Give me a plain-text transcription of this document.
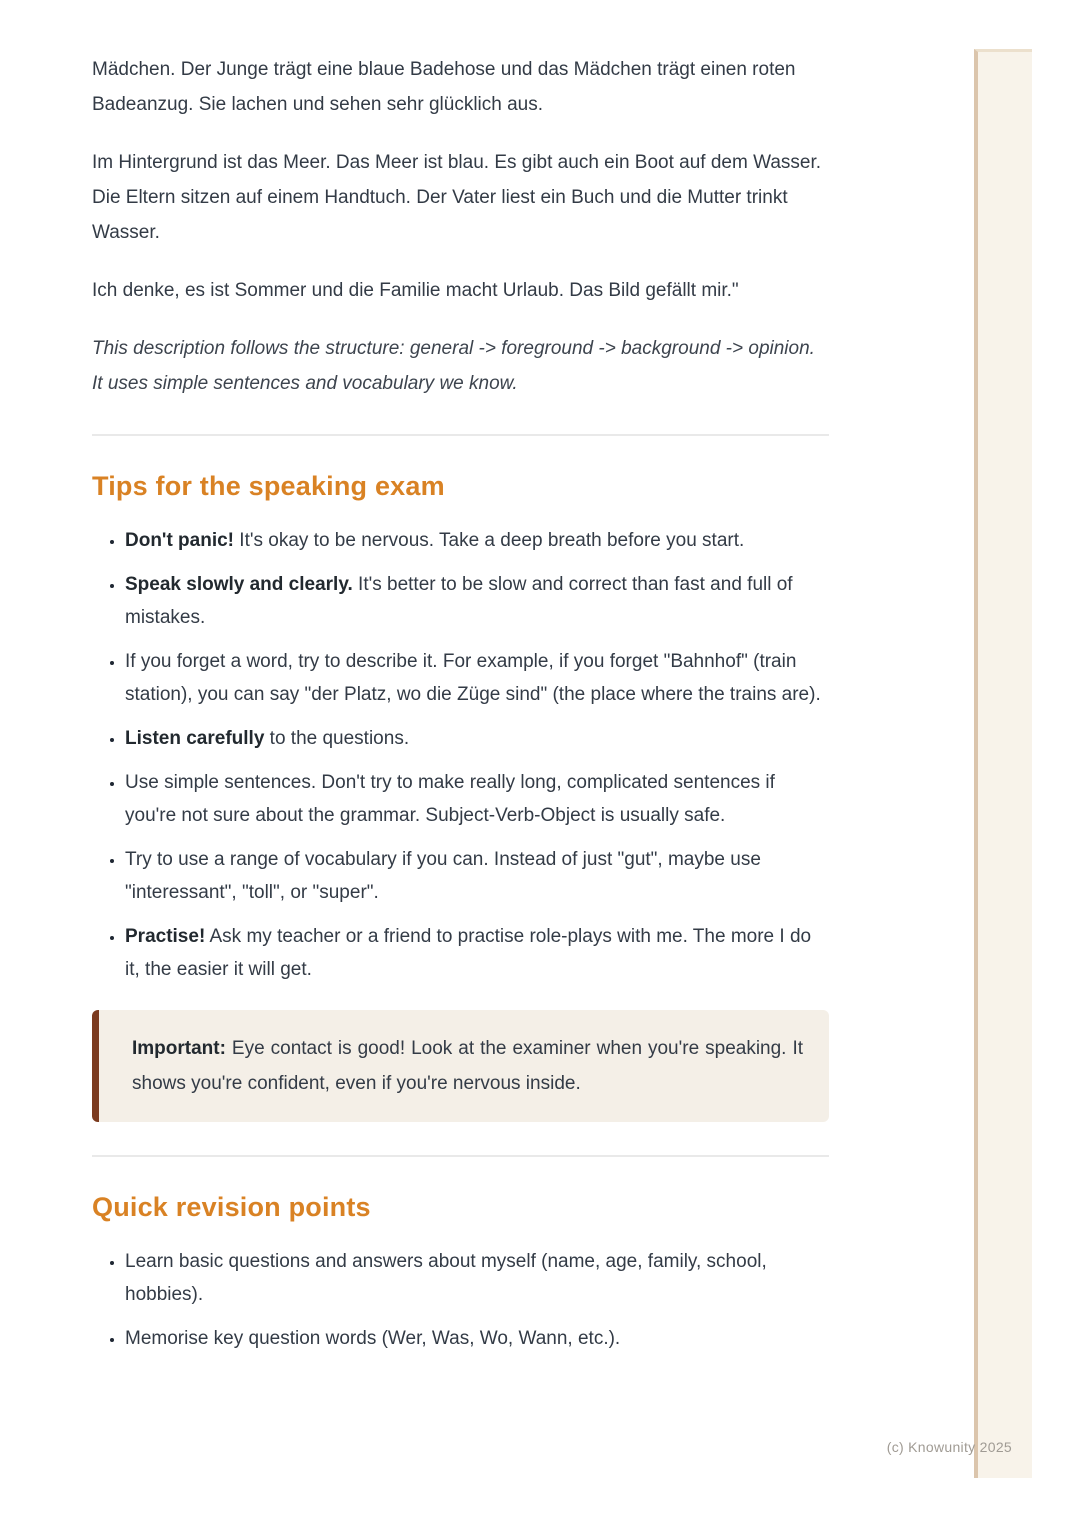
Mädchen. Der Junge trägt eine blaue Badehose und das Mädchen trägt einen roten Badeanzug. Sie lachen und sehen sehr glücklich aus.

Im Hintergrund ist das Meer. Das Meer ist blau. Es gibt auch ein Boot auf dem Wasser. Die Eltern sitzen auf einem Handtuch. Der Vater liest ein Buch und die Mutter trinkt Wasser.

Ich denke, es ist Sommer und die Familie macht Urlaub. Das Bild gefällt mir."

This description follows the structure: general -> foreground -> background -> opinion. It uses simple sentences and vocabulary we know.

Tips for the speaking exam
• Don't panic! It's okay to be nervous. Take a deep breath before you start.
• Speak slowly and clearly. It's better to be slow and correct than fast and full of mistakes.
• If you forget a word, try to describe it. For example, if you forget "Bahnhof" (train station), you can say "der Platz, wo die Züge sind" (the place where the trains are).
• Listen carefully to the questions.
• Use simple sentences. Don't try to make really long, complicated sentences if you're not sure about the grammar. Subject-Verb-Object is usually safe.
• Try to use a range of vocabulary if you can. Instead of just "gut", maybe use "interessant", "toll", or "super".
• Practise! Ask my teacher or a friend to practise role-plays with me. The more I do it, the easier it will get.

Important: Eye contact is good! Look at the examiner when you're speaking. It shows you're confident, even if you're nervous inside.

Quick revision points
• Learn basic questions and answers about myself (name, age, family, school, hobbies).
• Memorise key question words (Wer, Was, Wo, Wann, etc.).
(c) Knowunity 2025
